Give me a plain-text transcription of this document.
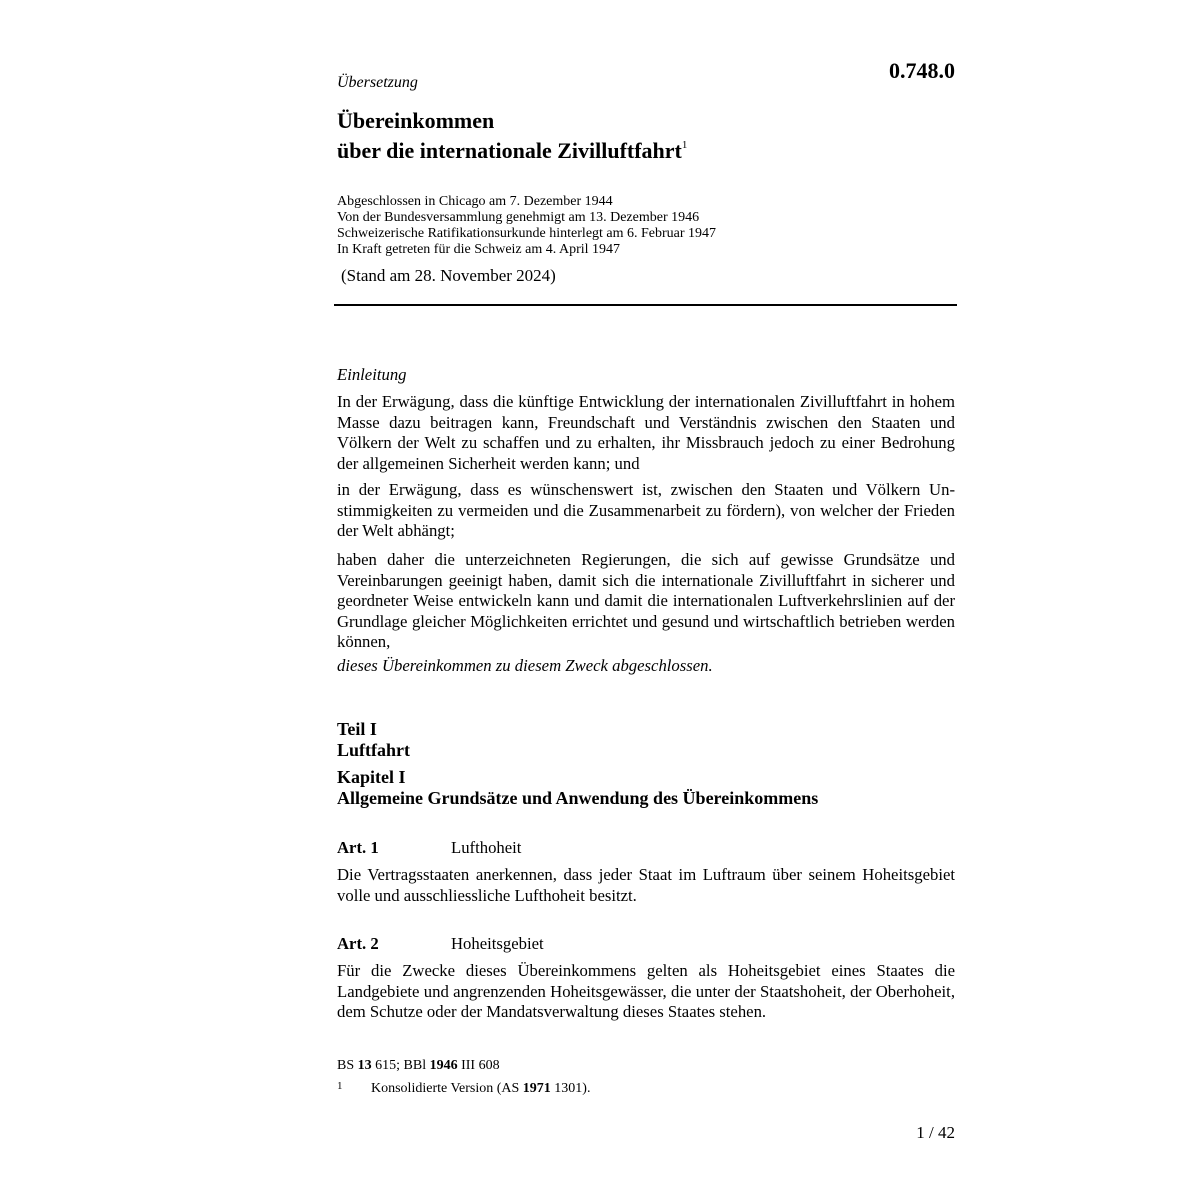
0.748.0
Übersetzung
Übereinkommen
über die internationale Zivilluftfahrt$^1$
Abgeschlossen in Chicago am 7. Dezember 1944
Von der Bundesversammlung genehmigt am 13. Dezember 1946
Schweizerische Ratifikationsurkunde hinterlegt am 6. Februar 1947
In Kraft getreten für die Schweiz am 4. April 1947
(Stand am 28. November 2024)
Einleitung
In der Erwägung, dass die künftige Entwicklung der internationalen Zivilluftfahrt in hohem Masse dazu beitragen kann, Freundschaft und Verständnis zwischen den Staaten und Völkern der Welt zu schaffen und zu erhalten, ihr Missbrauch jedoch zu einer Bedrohung der allgemeinen Sicherheit werden kann; und
in der Erwägung, dass es wünschenswert ist, zwischen den Staaten und Völkern Unstimmigkeiten zu vermeiden und die Zusammenarbeit zu fördern), von welcher der Frieden der Welt abhängt;
haben daher die unterzeichneten Regierungen, die sich auf gewisse Grundsätze und Vereinbarungen geeinigt haben, damit sich die internationale Zivilluftfahrt in sicherer und geordneter Weise entwickeln kann und damit die internationalen Luftverkehrslinien auf der Grundlage gleicher Möglichkeiten errichtet und gesund und wirtschaftlich betrieben werden können,
dieses Übereinkommen zu diesem Zweck abgeschlossen.
Teil I
Luftfahrt
Kapitel I
Allgemeine Grundsätze und Anwendung des Übereinkommens
Art. 1	Lufthoheit
Die Vertragsstaaten anerkennen, dass jeder Staat im Luftraum über seinem Hoheitsgebiet volle und ausschliessliche Lufthoheit besitzt.
Art. 2	Hoheitsgebiet
Für die Zwecke dieses Übereinkommens gelten als Hoheitsgebiet eines Staates die Landgebiete und angrenzenden Hoheitsgewässer, die unter der Staatshoheit, der Oberhoheit, dem Schutze oder der Mandatsverwaltung dieses Staates stehen.
BS 13 615; BBl 1946 III 608
1 Konsolidierte Version (AS 1971 1301).
1 / 42
